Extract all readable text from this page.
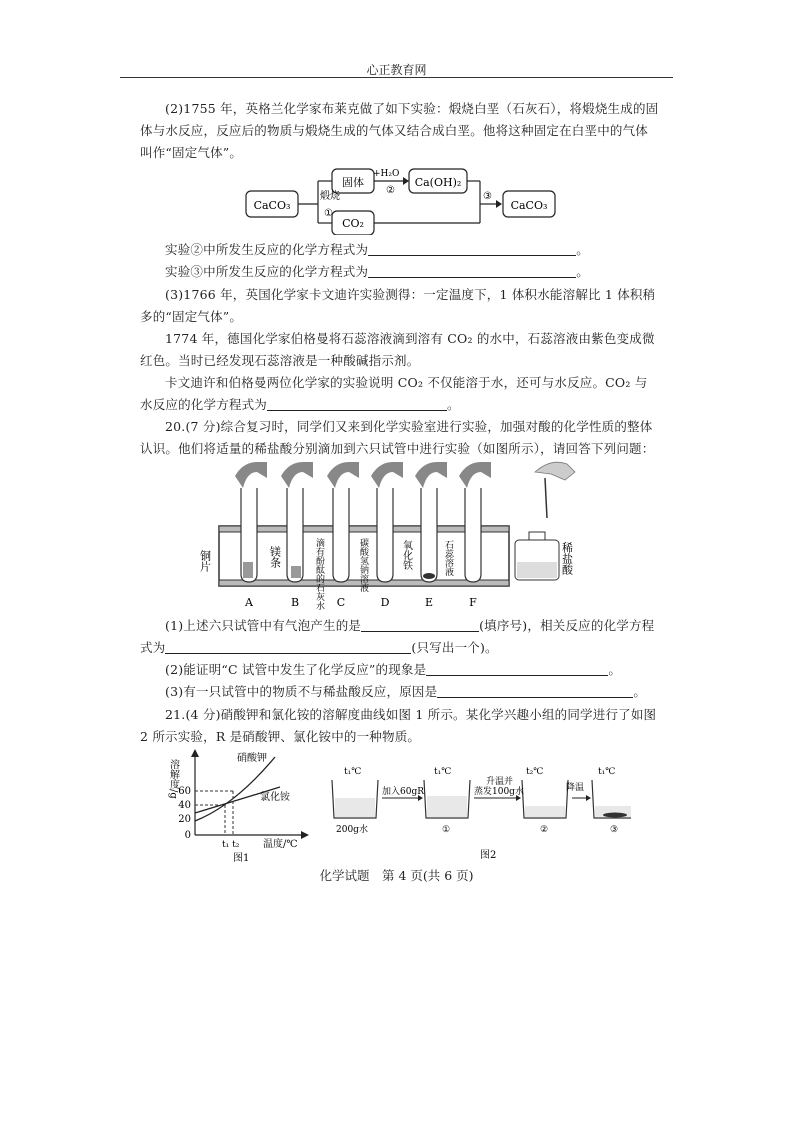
心正教育网
(2)1755 年，英格兰化学家布莱克做了如下实验：煅烧白垩（石灰石），将煅烧生成的固体与水反应，反应后的物质与煅烧生成的气体又结合成白垩。他将这种固定在白垩中的气体叫作“固定气体”。
CaCO₃
煅烧
①
固体
CO₂
+H₂O
②
Ca(OH)₂
③
CaCO₃
实验②中所发生反应的化学方程式为	。
实验③中所发生反应的化学方程式为	。
(3)1766 年，英国化学家卡文迪许实验测得：一定温度下，1 体积水能溶解比 1 体积稍多的“固定气体”。
1774 年，德国化学家伯格曼将石蕊溶液滴到溶有 CO₂ 的水中，石蕊溶液由紫色变成微红色。当时已经发现石蕊溶液是一种酸碱指示剂。
卡文迪许和伯格曼两位化学家的实验说明 CO₂ 不仅能溶于水，还可与水反应。CO₂ 与水反应的化学方程式为	。
20.(7 分)综合复习时，同学们又来到化学实验室进行实验，加强对酸的化学性质的整体认识。他们将适量的稀盐酸分别滴加到六只试管中进行实验（如图所示），请回答下列问题：
铜片	镁条	滴有酚酞的石灰水	碳酸氢钠溶液	氧化铁	石蕊溶液	稀盐酸
A	B	C	D	E	F
(1)上述六只试管中有气泡产生的是	(填序号)，相关反应的化学方程式为	(只写出一个)。
(2)能证明“C 试管中发生了化学反应”的现象是	。
(3)有一只试管中的物质不与稀盐酸反应，原因是	。
21.(4 分)硝酸钾和氯化铵的溶解度曲线如图 1 所示。某化学兴趣小组的同学进行了如图 2 所示实验，R 是硝酸钾、氯化铵中的一种物质。
溶解度/g 60
40
20
0
硝酸钾
氯化铵
t₁ t₂ 温度/℃
图1
t₁℃	t₁℃	t₂℃	t₁℃
加入60gR
升温并
蒸发100g水	降温
200g水	①	②	③
图2
化学试题　第 4 页(共 6 页)
